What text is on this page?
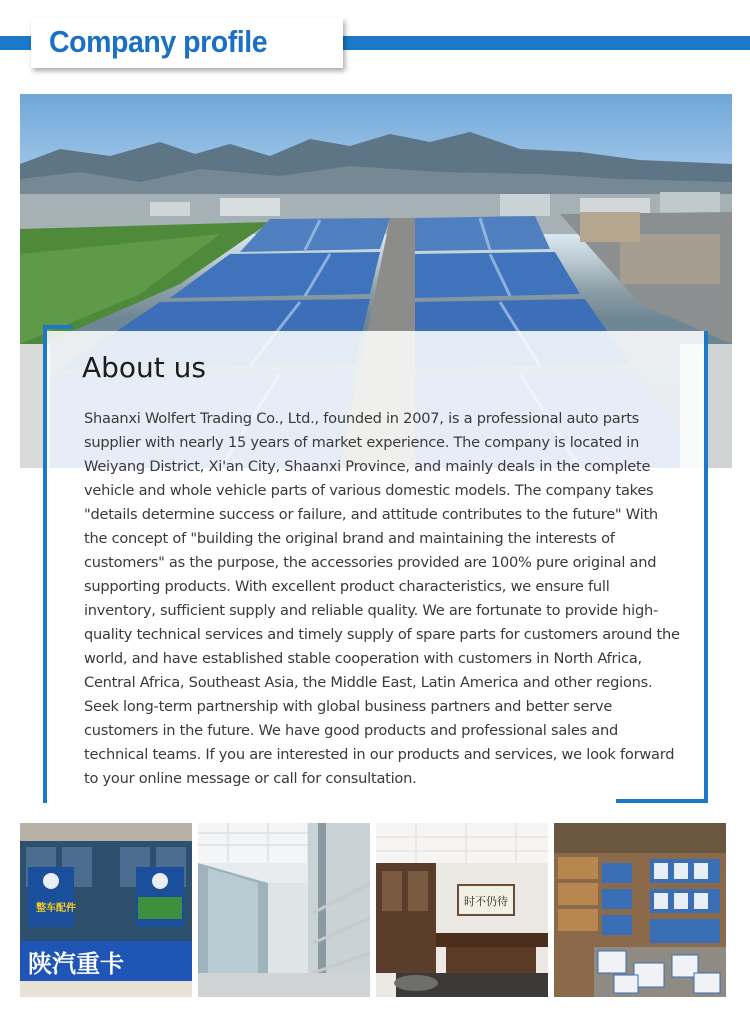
Company profile
About us
Shaanxi Wolfert Trading Co., Ltd., founded in 2007, is a professional auto parts supplier with nearly 15 years of market experience. The company is located in Weiyang District, Xi'an City, Shaanxi Province, and mainly deals in the complete vehicle and whole vehicle parts of various domestic models. The company takes "details determine success or failure, and attitude contributes to the future" With the concept of "building the original brand and maintaining the interests of customers" as the purpose, the accessories provided are 100% pure original and supporting products. With excellent product characteristics, we ensure full inventory, sufficient supply and reliable quality. We are fortunate to provide high-quality technical services and timely supply of spare parts for customers around the world, and have established stable cooperation with customers in North Africa, Central Africa, Southeast Asia, the Middle East, Latin America and other regions. Seek long-term partnership with global business partners and better serve customers in the future. We have good products and professional sales and technical teams. If you are interested in our products and services, we look forward to your online message or call for consultation.
整车配件
陕汽重卡
时不仍待
